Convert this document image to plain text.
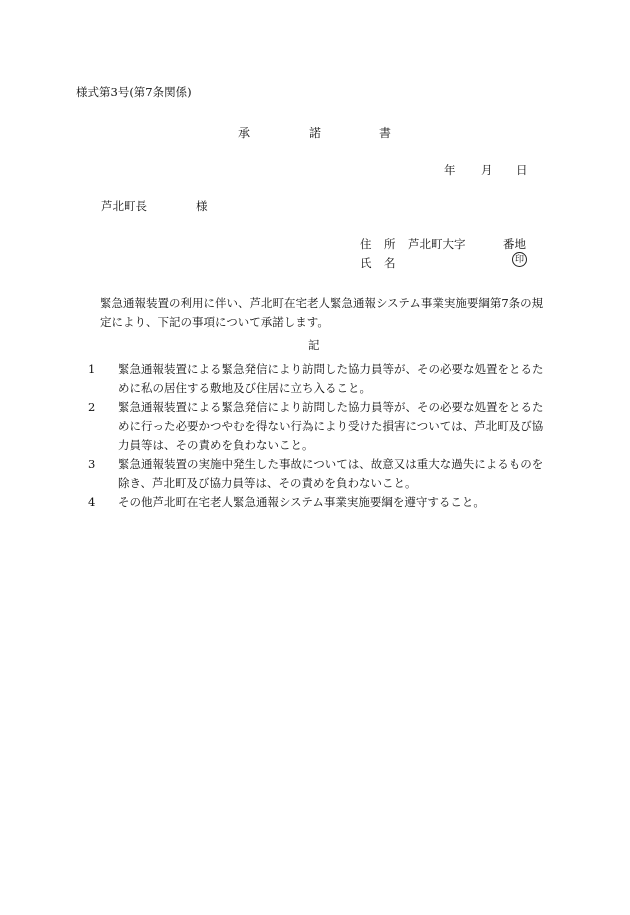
様式第3号(第7条関係)
承	諾	書
年 月 日
芦北町長	様
住 所 芦北町大字	番地
氏 名	印
緊急通報装置の利用に伴い、芦北町在宅老人緊急通報システム事業実施要綱第7条の規定により、下記の事項について承諾します。
記
1	緊急通報装置による緊急発信により訪問した協力員等が、その必要な処置をとるために私の居住する敷地及び住居に立ち入ること。
2	緊急通報装置による緊急発信により訪問した協力員等が、その必要な処置をとるために行った必要かつやむを得ない行為により受けた損害については、芦北町及び協力員等は、その責めを負わないこと。
3	緊急通報装置の実施中発生した事故については、故意又は重大な過失によるものを除き、芦北町及び協力員等は、その責めを負わないこと。
4	その他芦北町在宅老人緊急通報システム事業実施要綱を遵守すること。
